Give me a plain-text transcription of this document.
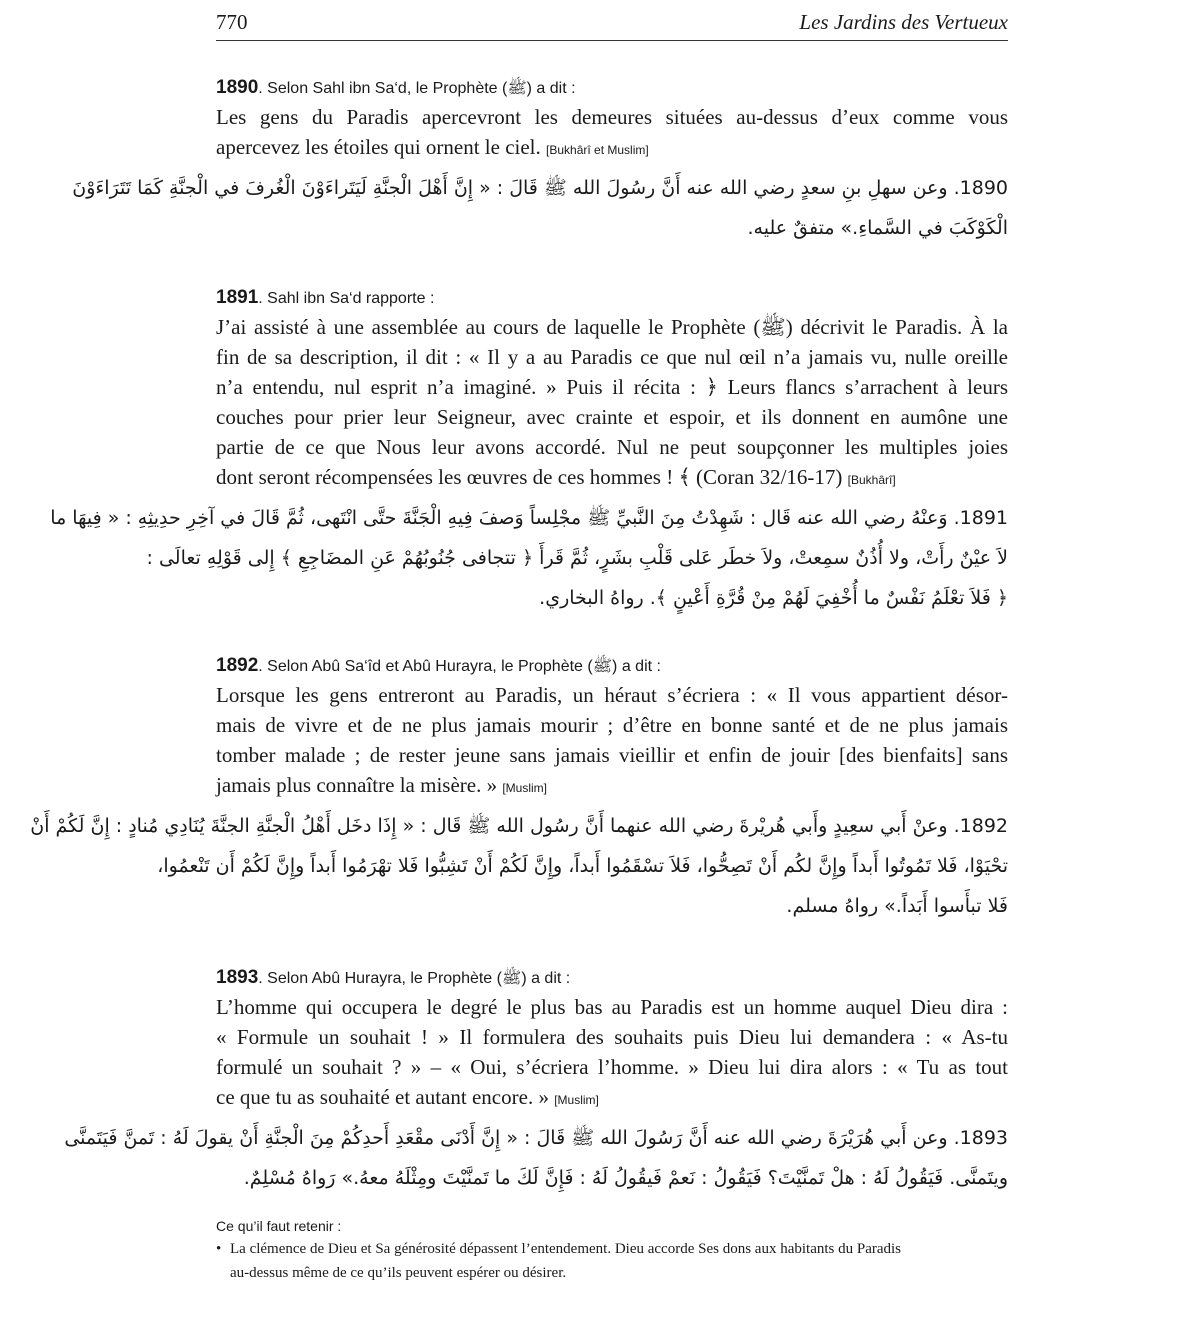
770	Les Jardins des Vertueux
1890. Selon Sahl ibn Sa‘d, le Prophète (ﷺ) a dit :
Les gens du Paradis apercevront les demeures situées au-dessus d’eux comme vous
apercevez les étoiles qui ornent le ciel. [Bukhârî et Muslim]
1890. وعن سهلِ بنِ سعدٍ رضي الله عنه أَنَّ رسُولَ الله ﷺ قَالَ : « إِنَّ أَهْلَ الْجنَّةِ لَيَتَراءَوْنَ الْغُرفَ في الْجنَّةِ كَمَا تَتَرَاءَوْنَ
الْكَوْكَبَ في السَّماءِ.» متفقٌ عليه.
1891. Sahl ibn Sa‘d rapporte :
J’ai assisté à une assemblée au cours de laquelle le Prophète (ﷺ) décrivit le Paradis. À la
fin de sa description, il dit : « Il y a au Paradis ce que nul œil n’a jamais vu, nulle oreille
n’a entendu, nul esprit n’a imaginé. » Puis il récita : ﴿ Leurs flancs s’arrachent à leurs
couches pour prier leur Seigneur, avec crainte et espoir, et ils donnent en aumône une
partie de ce que Nous leur avons accordé. Nul ne peut soupçonner les multiples joies
dont seront récompensées les œuvres de ces hommes ! ﴾ (Coran 32/16-17) [Bukhârî]
1891. وَعنْهُ رضي الله عنه قَال : شَهِدْتُ مِنَ النَّبيِّ ﷺ مجْلِساً وَصفَ فِيهِ الْجَنَّةَ حتَّى انْتَهى، ثُمَّ قَالَ في آخِرِ حدِيثِهِ : « فِيهَا ما
لاَ عيْنٌ رأَتْ، ولا أُذُنٌ سمِعتْ، ولاَ خطَر عَلى قَلْبِ بشَرٍ، ثُمَّ قَرأَ ﴿ تتجافى جُنُوبُهُمْ عَنِ المضَاجِعِ ﴾ إِلى قَوْلِهِ تعالَى :
﴿ فَلاَ تعْلَمُ نَفْسٌ ما أُخْفِيَ لَهُمْ مِنْ قُرَّةِ أَعْينٍ ﴾. رواهُ البخاري.
1892. Selon Abû Sa‘îd et Abû Hurayra, le Prophète (ﷺ) a dit :
Lorsque les gens entreront au Paradis, un héraut s’écriera : « Il vous appartient désor-
mais de vivre et de ne plus jamais mourir ; d’être en bonne santé et de ne plus jamais
tomber malade ; de rester jeune sans jamais vieillir et enfin de jouir [des bienfaits] sans
jamais plus connaître la misère. » [Muslim]
1892. وعنْ أَبي سعِيدٍ وأَبي هُريْرةَ رضي الله عنهما أَنَّ رسُول الله ﷺ قَال : « إِذَا دخَل أَهْلُ الْجنَّةِ الجنَّةَ يُنَادِي مُنادٍ : إِنَّ لَكُمْ أَنْ
تحْيَوْا، فَلا تَمُوتُوا أَبداً وإِنَّ لكُم أَنْ تَصِحُّوا، فَلاَ تسْقَمُوا أَبداً، وإِنَّ لَكُمْ أَنْ تَشِبُّوا فَلا تهْرَمُوا أَبداً وإِنَّ لَكُمْ أَن تَنْعمُوا،
فَلا تبأَسوا أَبَداً.» رواهُ مسلم.
1893. Selon Abû Hurayra, le Prophète (ﷺ) a dit :
L’homme qui occupera le degré le plus bas au Paradis est un homme auquel Dieu dira :
« Formule un souhait ! » Il formulera des souhaits puis Dieu lui demandera : « As-tu
formulé un souhait ? » – « Oui, s’écriera l’homme. » Dieu lui dira alors : « Tu as tout
ce que tu as souhaité et autant encore. » [Muslim]
1893. وعن أَبي هُرَيْرَةَ رضي الله عنه أَنَّ رَسُولَ الله ﷺ قَالَ : « إِنَّ أَدْنَى مقْعَدِ أَحدِكُمْ مِنَ الْجنَّةِ أَنْ يقولَ لَهُ : تَمنَّ فَيَتَمنَّى
ويتَمنَّى. فَيَقُولُ لَهُ : هلْ تَمنَّيْتَ؟ فَيَقُولُ : نَعمْ فَيقُولُ لَهُ : فَإِنَّ لَكَ ما تَمنَّيْتَ ومِثْلَهُ معهُ.» رَواهُ مُسْلِمٌ.
Ce qu’il faut retenir :
• La clémence de Dieu et Sa générosité dépassent l’entendement. Dieu accorde Ses dons aux habitants du Paradis
au-dessus même de ce qu’ils peuvent espérer ou désirer.
